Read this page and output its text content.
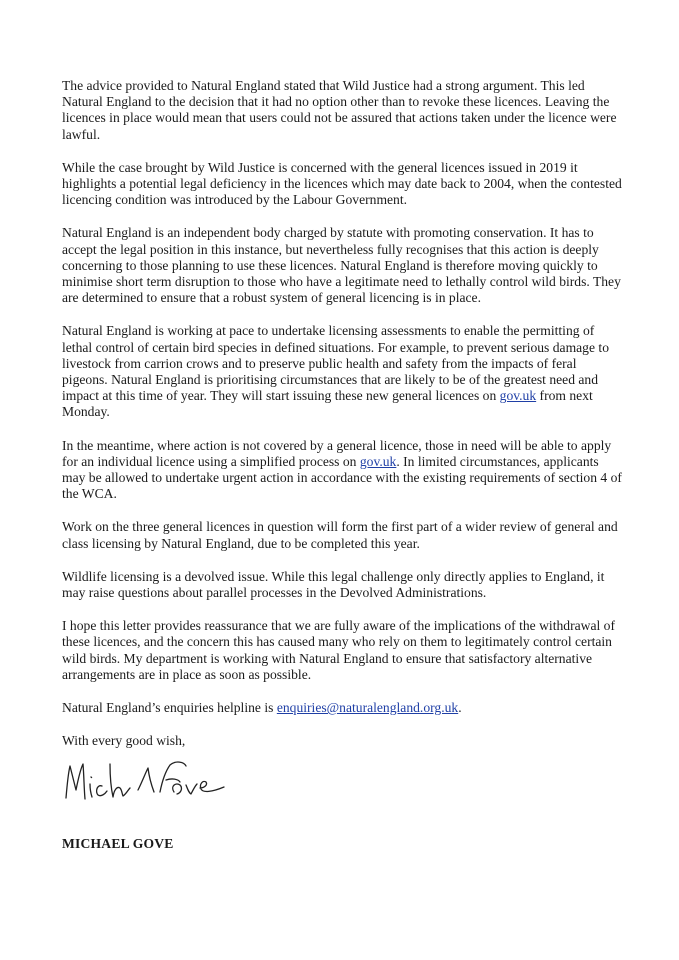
The advice provided to Natural England stated that Wild Justice had a strong argument. This led Natural England to the decision that it had no option other than to revoke these licences. Leaving the licences in place would mean that users could not be assured that actions taken under the licence were lawful.

While the case brought by Wild Justice is concerned with the general licences issued in 2019 it highlights a potential legal deficiency in the licences which may date back to 2004, when the contested licencing condition was introduced by the Labour Government.

Natural England is an independent body charged by statute with promoting conservation. It has to accept the legal position in this instance, but nevertheless fully recognises that this action is deeply concerning to those planning to use these licences. Natural England is therefore moving quickly to minimise short term disruption to those who have a legitimate need to lethally control wild birds. They are determined to ensure that a robust system of general licencing is in place.

Natural England is working at pace to undertake licensing assessments to enable the permitting of lethal control of certain bird species in defined situations. For example, to prevent serious damage to livestock from carrion crows and to preserve public health and safety from the impacts of feral pigeons. Natural England is prioritising circumstances that are likely to be of the greatest need and impact at this time of year. They will start issuing these new general licences on gov.uk from next Monday.

In the meantime, where action is not covered by a general licence, those in need will be able to apply for an individual licence using a simplified process on gov.uk. In limited circumstances, applicants may be allowed to undertake urgent action in accordance with the existing requirements of section 4 of the WCA.

Work on the three general licences in question will form the first part of a wider review of general and class licensing by Natural England, due to be completed this year.

Wildlife licensing is a devolved issue. While this legal challenge only directly applies to England, it may raise questions about parallel processes in the Devolved Administrations.

I hope this letter provides reassurance that we are fully aware of the implications of the withdrawal of these licences, and the concern this has caused many who rely on them to legitimately control certain wild birds. My department is working with Natural England to ensure that satisfactory alternative arrangements are in place as soon as possible.

Natural England’s enquiries helpline is enquiries@naturalengland.org.uk.

With every good wish,
MICHAEL GOVE
